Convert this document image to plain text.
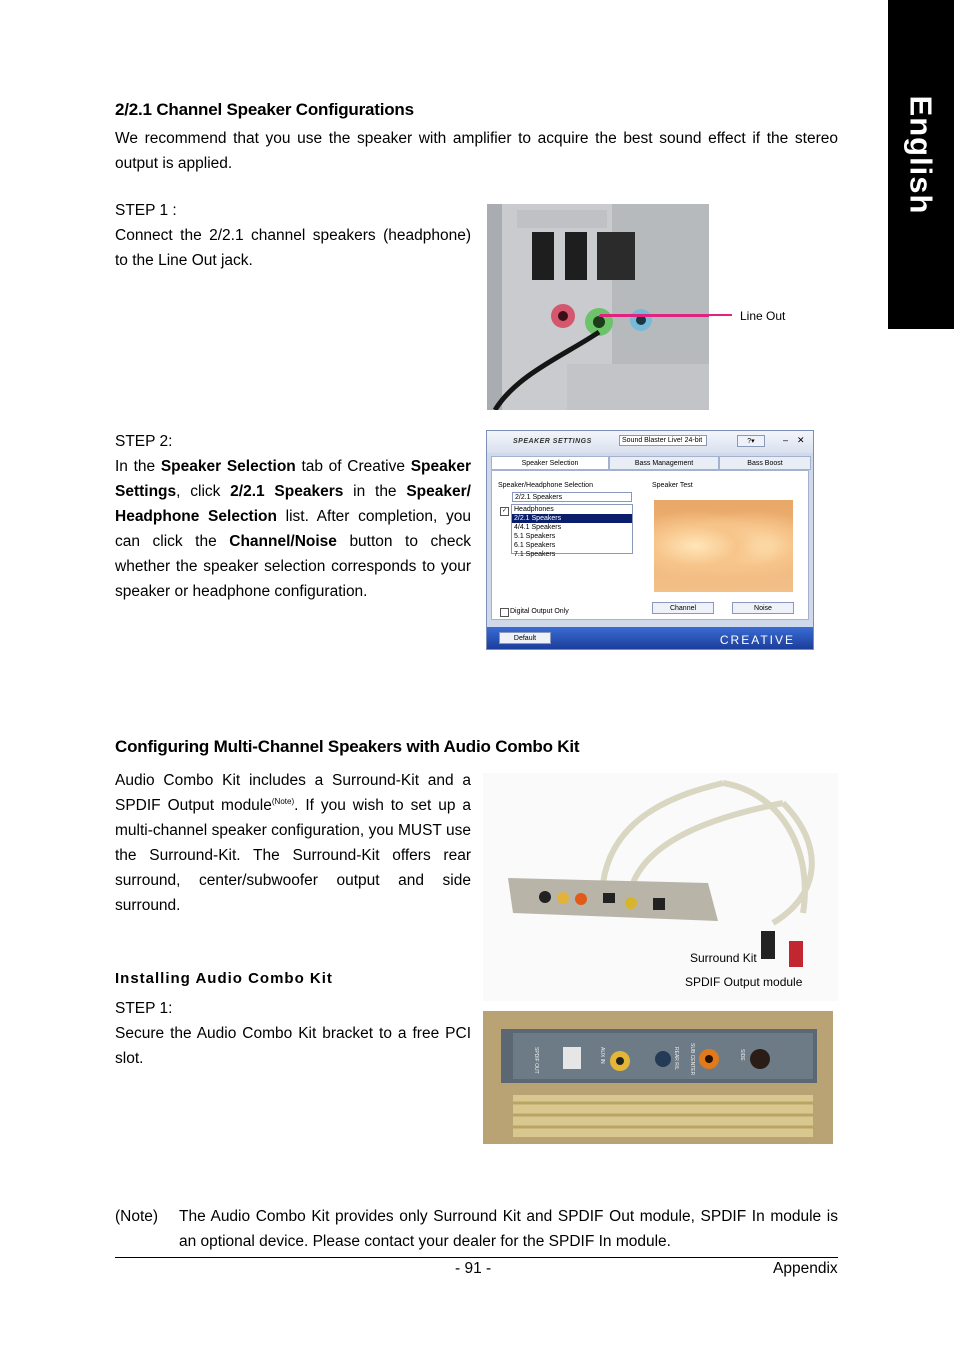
English
2/2.1 Channel Speaker Configurations
We recommend that you use the speaker with amplifier to acquire the best sound effect if the stereo output is applied.
STEP 1 :
Connect the 2/2.1 channel speakers (headphone) to the Line Out jack.
Line Out
STEP 2:
In the Speaker Selection tab of Creative Speaker Settings, click 2/2.1 Speakers in the Speaker/ Headphone Selection list. After completion, you can click the Channel/Noise button to check whether the speaker selection corresponds to your speaker or headphone configuration.
SPEAKER SETTINGS	Sound Blaster Live! 24-bit	?▾	– ✕
Speaker Selection	Bass Management	Bass Boost
Speaker/Headphone Selection	Speaker Test
✓
2/2.1 Speakers
Digital Output Only	Channel	Noise
Headphones
2/2.1 Speakers
4/4.1 Speakers
5.1 Speakers
6.1 Speakers
7.1 Speakers
Default	CREATIVE
Configuring Multi-Channel Speakers with Audio Combo Kit
Audio Combo Kit includes a Surround-Kit and a SPDIF Output module$^{(Note)}$. If you wish to set up a multi-channel speaker configuration, you MUST use the Surround-Kit. The Surround-Kit offers rear surround, center/subwoofer output and side surround.
Surround Kit
SPDIF Output module
Installing Audio Combo Kit
STEP 1:
Secure the Audio Combo Kit bracket to a free PCI slot.	SPDIF OUT	AUX IN	REAR R/L SUB CENTER	SIDE
(Note) The Audio Combo Kit provides only Surround Kit and SPDIF Out module, SPDIF In module is an optional device. Please contact your dealer for the SPDIF In module.
- 91 -	Appendix
